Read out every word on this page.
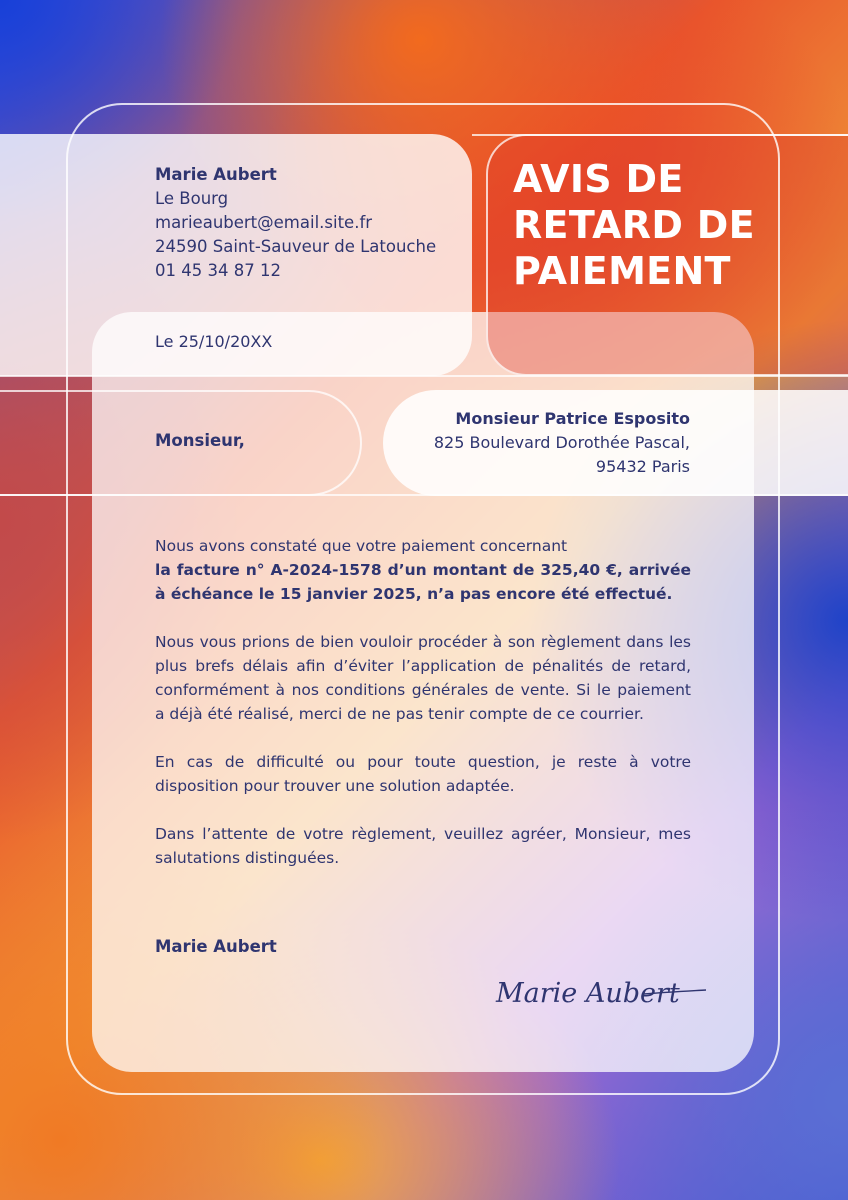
Marie Aubert
Le Bourg
marieaubert@email.site.fr
24590 Saint-Sauveur de Latouche
01 45 34 87 12
AVIS DE
RETARD DE
PAIEMENT
Le 25/10/20XX
Monsieur,
Monsieur Patrice Esposito
825 Boulevard Dorothée Pascal,
95432 Paris

Nous avons constaté que votre paiement concernant
la facture n° A-2024-1578 d’un montant de 325,40 €, arrivée à échéance le 15 janvier 2025, n’a pas encore été effectué.

Nous vous prions de bien vouloir procéder à son règlement dans les plus brefs délais afin d’éviter l’application de pénalités de retard, conformément à nos conditions générales de vente. Si le paiement a déjà été réalisé, merci de ne pas tenir compte de ce courrier.

En cas de difficulté ou pour toute question, je reste à votre disposition pour trouver une solution adaptée.

Dans l’attente de votre règlement, veuillez agréer, Monsieur, mes salutations distinguées.

Marie Aubert
Marie Aubert
